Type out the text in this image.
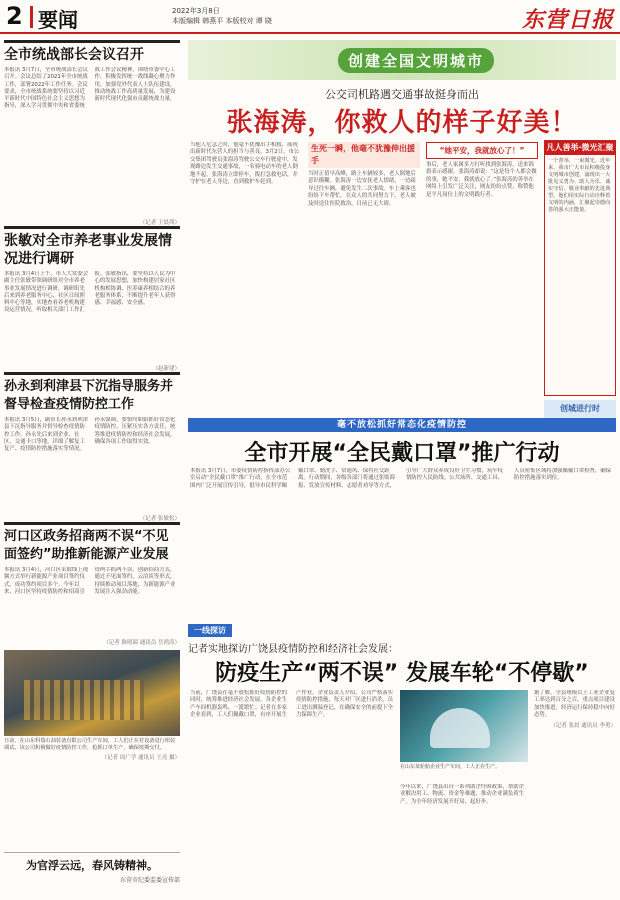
2 要闻	2022年3月8日
本版编辑 韩燕平 本版校对 谭 晓	东营日报
全市统战部长会议召开
本报讯 3月7日，全市统战部长会议召开。会议总结了2021年全市统战工作，部署2022年工作任务。会议要求，全市统战系统要坚持以习近平新时代中国特色社会主义思想为指导，深入学习贯彻中央和省委统战工作会议精神，围绕市委中心工作，积极发挥统一战线凝心聚力作用，加强党外代表人士队伍建设，推动统战工作高质量发展，为建设新时代现代化强市贡献统战力量。
（记者 王晨茜）
张敏对全市养老事业发展情况进行调研
本报讯 3月4日上午，市人大常委会副主任张敏带领调研组对全市养老事业发展情况进行调研。调研组先后来到养老服务中心、社区日间照料中心等地，实地查看养老机构建设运营情况，听取相关部门工作汇报。张敏指出，要坚持以人民为中心的发展思想，加快构建居家社区机构相协调、医养康养相结合的养老服务体系，不断提升老年人获得感、幸福感、安全感。
（赵新建）
孙永到利津县下沉指导服务并督导检查疫情防控工作
本报讯 3月5日，副市长孙永到利津县下沉指导服务并督导检查疫情防控工作。孙永先后来到企业、社区、交通卡口等地，详细了解复工复产、疫情防控措施落实等情况。孙永强调，要慎终如始抓好常态化疫情防控，压紧压实各方责任，统筹推进疫情防控和经济社会发展，确保各项工作取得实效。
（记者 张敏松）
河口区政务招商两不误“不见面签约”助推新能源产业发展
本报讯 3月4日，河口区采取线上视频方式举行新能源产业项目签约仪式，成功签约项目多个。今年以来，河口区坚持疫情防控和招商引资两手抓两不误，创新招商方式，通过不见面签约、云洽谈等形式，持续推动项目落地，为新能源产业发展注入强劲动能。
（记者 陈明瑞 通讯员 岳鸿涛）
日前，在山东科瑞石油装备有限公司生产车间，工人们正在对设备进行组装调试。该公司积极做好疫情防控工作，抢抓订单生产，确保按期交付。
（记者 周广学 通讯员 王亮 摄）
为官浮云远，春风铸精神。
东营市纪委监委宣传部
创建全国文明城市
公交司机路遇交通事故挺身而出
张海涛，你救人的样子好美！

当他人危急之时，他毫不犹豫出手相救，展现出新时代东营人的担当与善良。3月2日，市公交集团驾驶员张海涛驾驶公交车行驶途中，发现路边发生交通事故，一名骑电动车的老人倒地不起。张海涛立即停车，拨打急救电话，并守护在老人身边，直到救护车赶到。

生死一瞬，他毫不犹豫伸出援手

当时正值早高峰，路上车辆较多，老人倒地后意识模糊。张海涛一边安抚老人情绪，一边疏导过往车辆，避免发生二次事故。车上乘客也纷纷下车帮忙。在众人的共同努力下，老人被及时送往医院救治，目前已无大碍。

“她平安，我就放心了！”

事后，老人家属多方打听找到张海涛，送来锦旗表示感谢。张海涛却说：“这是每个人都会做的事，她平安，我就放心了。”张海涛的善举在网络上引发广泛关注，网友纷纷点赞，称赞他是平凡岗位上的文明践行者。

凡人善举·微光汇聚
一个善举，一束微光。近年来，我市广大市民积极投身文明城市创建，涌现出一大批见义勇为、助人为乐、诚实守信、敬业奉献的先进典型。他们用实际行动诠释着文明的内涵，汇聚起崇德向善的强大正能量。
创城进行时
毫不放松抓好常态化疫情防控
全市开展“全民戴口罩”推广行动
本报讯 3月7日，市委疫情防控指挥部办公室启动“全民戴口罩”推广行动，在全市范围内广泛开展宣传引导，倡导市民科学佩戴口罩、勤洗手、常通风、保持社交距离。行动期间，各级各部门将通过张贴海报、发放宣传材料、志愿者劝导等方式，引导广大群众养成良好卫生习惯，筑牢疫情防控人民防线。公共场所、交通工具、人员密集区域将加强佩戴口罩检查，确保防控措施落实到位。
一线探访
记者实地探访广饶县疫情防控和经济社会发展：
防疫生产“两不误” 发展车轮“不停歇”
当前，广饶县在毫不放松抓好疫情防控的同时，统筹推进经济社会发展，各企业生产车间机器轰鸣、一派繁忙。记者在多家企业看到，工人们佩戴口罩，有序开展生产作业。企业负责人介绍，公司严格落实疫情防控措施，每天对厂区进行消杀，员工进出测温登记，在确保安全的前提下全力保障生产。
在山东某轮胎企业生产车间，工人正在生产。
今年以来，广饶县出台一系列助企纾困政策，帮助企业解决用工、物流、资金等难题，推动企业满负荷生产，为全年经济发展开好局、起好步。

据了解，全县规模以上工业企业复工率达到百分之百，重点项目建设加快推进，经济运行保持稳中向好态势。

（记者 张晨 通讯员 李勇）
